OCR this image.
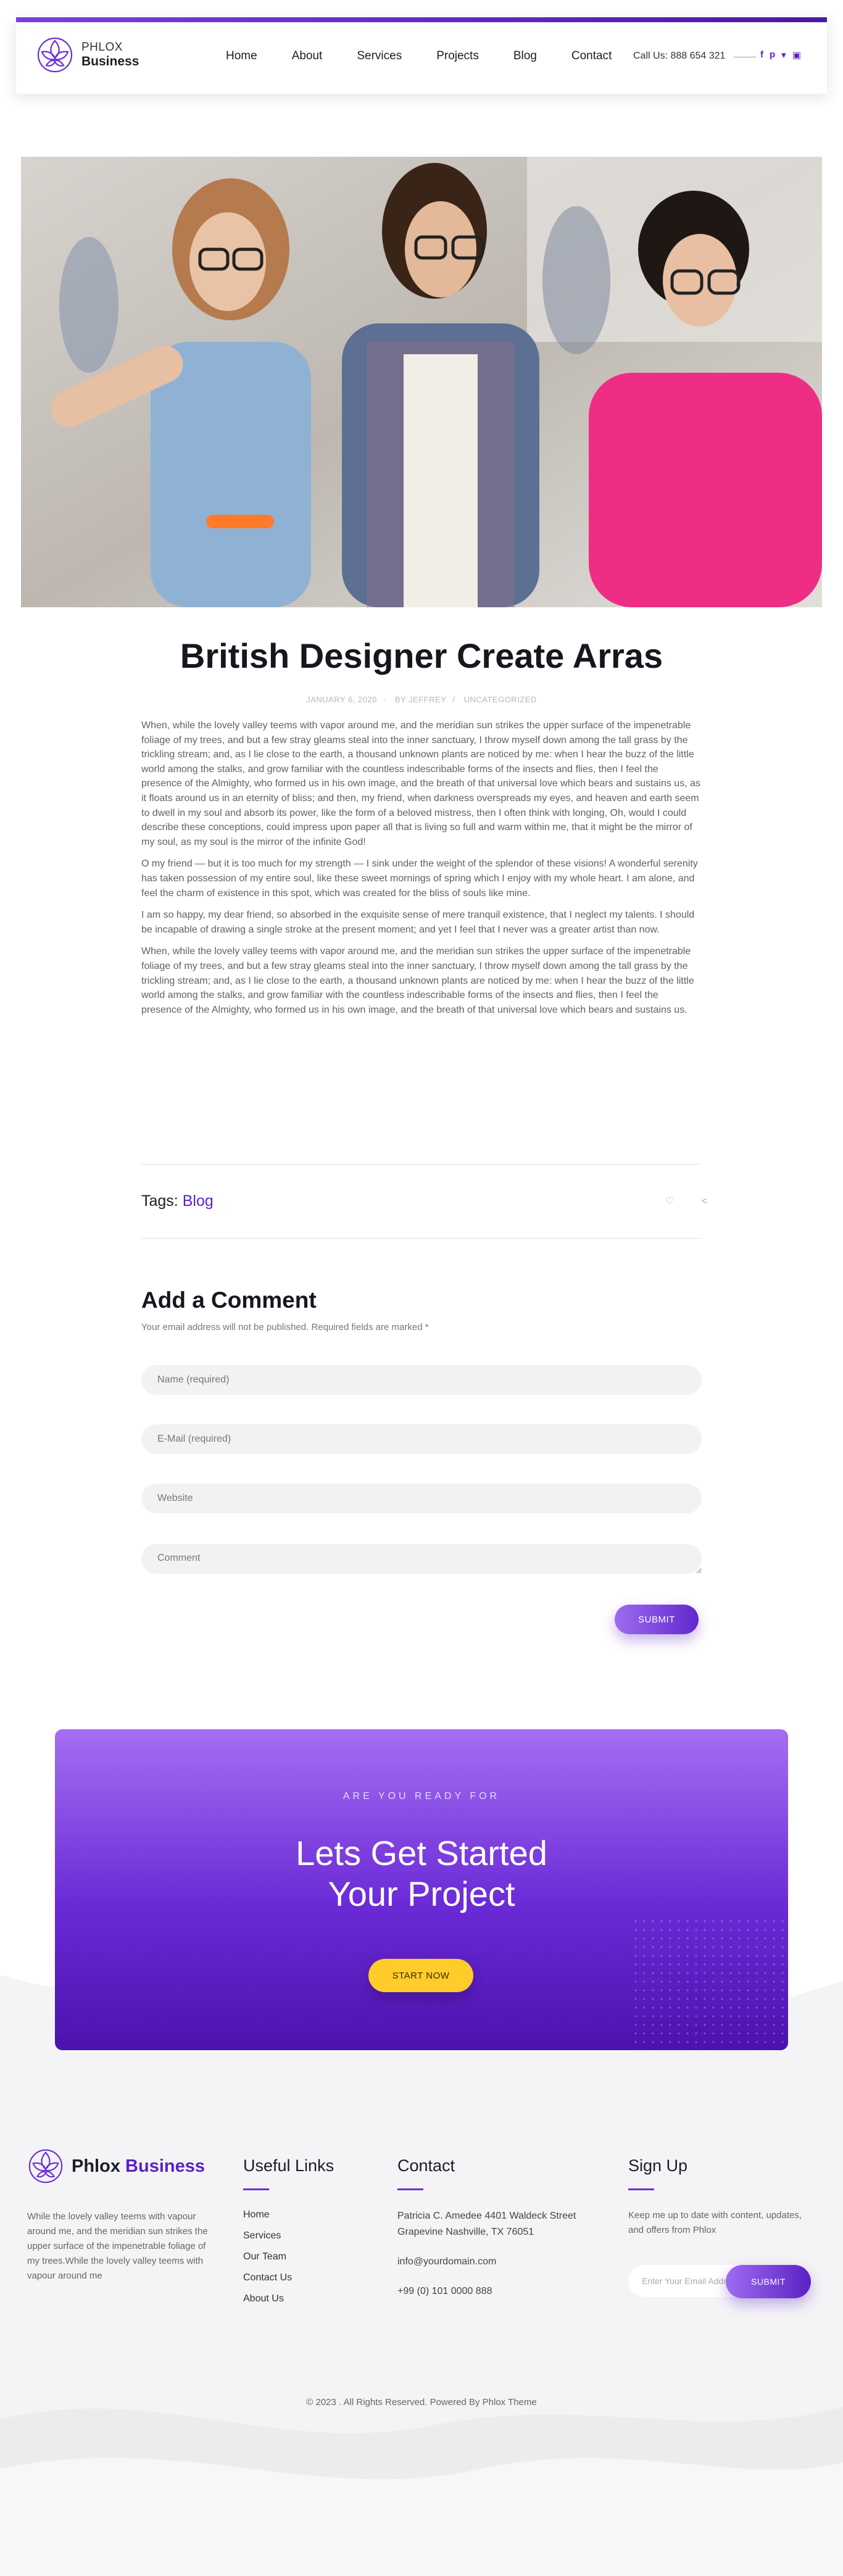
PHLOX
Business	Home	About	Services	Projects	Blog	Contact Call Us: 888 654 321	f p ▾ ▣
British Designer Create Arras
JANUARY 6, 2020 · BY JEFFREY / UNCATEGORIZED

When, while the lovely valley teems with vapor around me, and the meridian sun strikes the upper surface of the impenetrable foliage of my trees, and but a few stray gleams steal into the inner sanctuary, I throw myself down among the tall grass by the trickling stream; and, as I lie close to the earth, a thousand unknown plants are noticed by me: when I hear the buzz of the little world among the stalks, and grow familiar with the countless indescribable forms of the insects and flies, then I feel the presence of the Almighty, who formed us in his own image, and the breath of that universal love which bears and sustains us, as it floats around us in an eternity of bliss; and then, my friend, when darkness overspreads my eyes, and heaven and earth seem to dwell in my soul and absorb its power, like the form of a beloved mistress, then I often think with longing, Oh, would I could describe these conceptions, could impress upon paper all that is living so full and warm within me, that it might be the mirror of my soul, as my soul is the mirror of the infinite God!

O my friend — but it is too much for my strength — I sink under the weight of the splendor of these visions! A wonderful serenity has taken possession of my entire soul, like these sweet mornings of spring which I enjoy with my whole heart. I am alone, and feel the charm of existence in this spot, which was created for the bliss of souls like mine.

I am so happy, my dear friend, so absorbed in the exquisite sense of mere tranquil existence, that I neglect my talents. I should be incapable of drawing a single stroke at the present moment; and yet I feel that I never was a greater artist than now.

When, while the lovely valley teems with vapor around me, and the meridian sun strikes the upper surface of the impenetrable foliage of my trees, and but a few stray gleams steal into the inner sanctuary, I throw myself down among the tall grass by the trickling stream; and, as I lie close to the earth, a thousand unknown plants are noticed by me: when I hear the buzz of the little world among the stalks, and grow familiar with the countless indescribable forms of the insects and flies, then I feel the presence of the Almighty, who formed us in his own image, and the breath of that universal love which bears and sustains us.

Tags: Blog	♡	<
Add a Comment
Your email address will not be published. Required fields are marked *
Name (required)
E-Mail (required)
Website
Comment
SUBMIT
ARE YOU READY FOR
Lets Get Started
Your Project
START NOW
Phlox Business
While the lovely valley teems with vapour around me, and the meridian sun strikes the upper surface of the impenetrable foliage of my trees.While the lovely valley teems with vapour around me
Useful Links
Home
Services
Our Team
Contact Us
About Us
Contact
Patricia C. Amedee 4401 Waldeck Street Grapevine Nashville, TX 76051
info@yourdomain.com
+99 (0) 101 0000 888
Sign Up
Keep me up to date with content, updates, and offers from Phlox
Enter Your Email Address
SUBMIT
© 2023 . All Rights Reserved. Powered By Phlox Theme
